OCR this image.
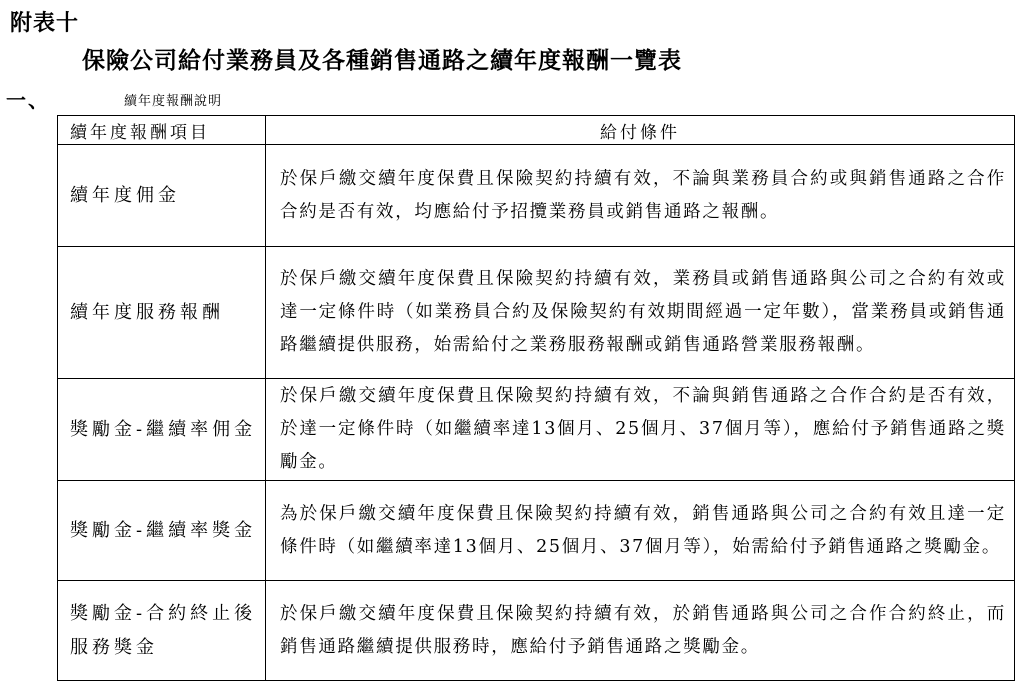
附表十
保險公司給付業務員及各種銷售通路之續年度報酬一覽表
一、	續年度報酬說明
續年度報酬項目	給付條件
續年度佣金	於保戶繳交續年度保費且保險契約持續有效，不論與業務員合約或與銷售通路之合作合約是否有效，均應給付予招攬業務員或銷售通路之報酬。
續年度服務報酬	於保戶繳交續年度保費且保險契約持續有效，業務員或銷售通路與公司之合約有效或達一定條件時（如業務員合約及保險契約有效期間經過一定年數），當業務員或銷售通路繼續提供服務，始需給付之業務服務報酬或銷售通路營業服務報酬。
獎勵金-繼續率佣金	於保戶繳交續年度保費且保險契約持續有效，不論與銷售通路之合作合約是否有效，於達一定條件時（如繼續率達13個月、25個月、37個月等），應給付予銷售通路之獎勵金。
獎勵金-繼續率獎金	為於保戶繳交續年度保費且保險契約持續有效，銷售通路與公司之合約有效且達一定條件時（如繼續率達13個月、25個月、37個月等），始需給付予銷售通路之獎勵金。
獎勵金-合約終止後服務獎金	於保戶繳交續年度保費且保險契約持續有效，於銷售通路與公司之合作合約終止，而銷售通路繼續提供服務時，應給付予銷售通路之獎勵金。
